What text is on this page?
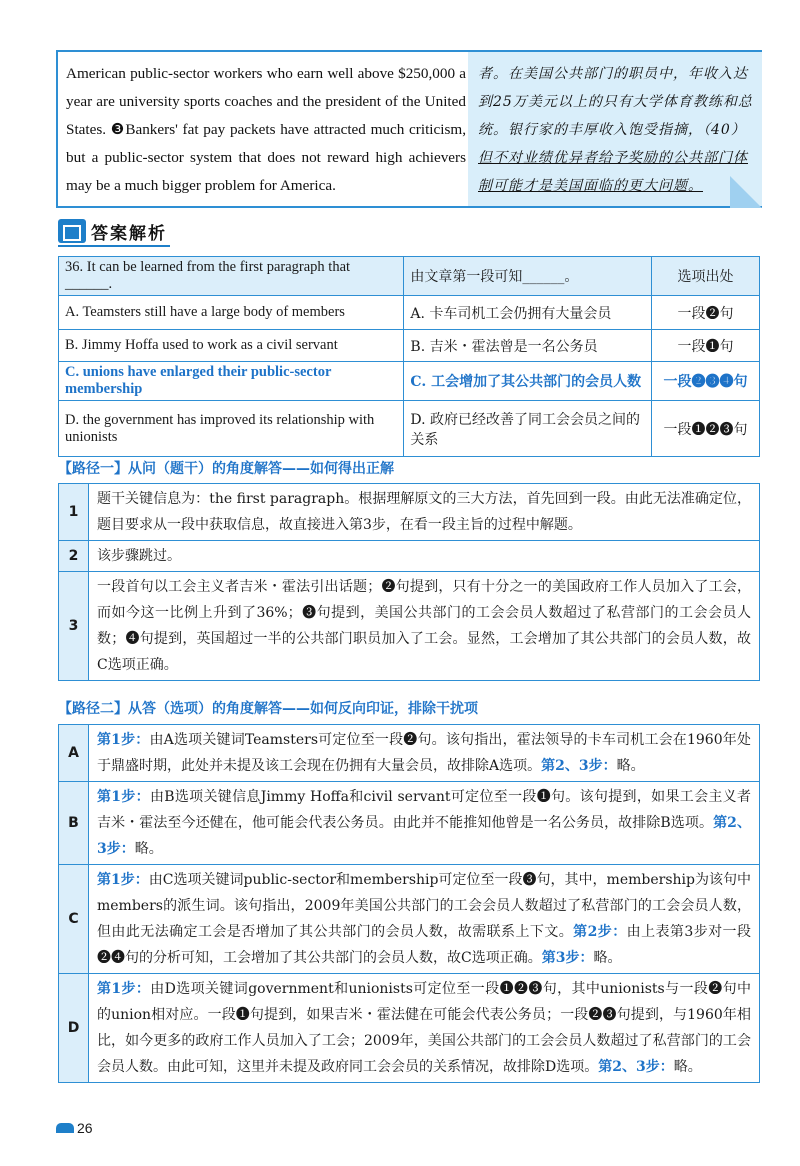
American public-sector workers who earn well above $250,000 a year are university sports coaches and the president of the United States. ❸Bankers' fat pay packets have attracted much criticism, but a public-sector system that does not reward high achievers may be a much bigger problem for America.
者。在美国公共部门的职员中，年收入达到25万美元以上的只有大学体育教练和总统。银行家的丰厚收入饱受指摘，（40）但不对业绩优异者给予奖励的公共部门体制可能才是美国面临的更大问题。
答案解析
36. It can be learned from the first paragraph that ______.	由文章第一段可知______。	选项出处
A. Teamsters still have a large body of members	A. 卡车司机工会仍拥有大量会员	一段❷句
B. Jimmy Hoffa used to work as a civil servant	B. 吉米・霍法曾是一名公务员	一段❶句
C. unions have enlarged their public-sector membership	C. 工会增加了其公共部门的会员人数	一段❷❸❹句
D. the government has improved its relationship with unionists	D. 政府已经改善了同工会会员之间的关系	一段❶❷❸句
【路径一】从问（题干）的角度解答——如何得出正解
1	题干关键信息为：the first paragraph。根据理解原文的三大方法，首先回到一段。由此无法准确定位，题目要求从一段中获取信息，故直接进入第3步，在看一段主旨的过程中解题。
2	该步骤跳过。
3	一段首句以工会主义者吉米・霍法引出话题；❷句提到，只有十分之一的美国政府工作人员加入了工会，而如今这一比例上升到了36%；❸句提到，美国公共部门的工会会员人数超过了私营部门的工会会员人数；❹句提到，英国超过一半的公共部门职员加入了工会。显然，工会增加了其公共部门的会员人数，故C选项正确。
【路径二】从答（选项）的角度解答——如何反向印证，排除干扰项
A	第1步：由A选项关键词Teamsters可定位至一段❷句。该句指出，霍法领导的卡车司机工会在1960年处于鼎盛时期，此处并未提及该工会现在仍拥有大量会员，故排除A选项。第2、3步：略。
B	第1步：由B选项关键信息Jimmy Hoffa和civil servant可定位至一段❶句。该句提到，如果工会主义者吉米・霍法至今还健在，他可能会代表公务员。由此并不能推知他曾是一名公务员，故排除B选项。第2、3步：略。
C	第1步：由C选项关键词public-sector和membership可定位至一段❸句，其中，membership为该句中members的派生词。该句指出，2009年美国公共部门的工会会员人数超过了私营部门的工会会员人数，但由此无法确定工会是否增加了其公共部门的会员人数，故需联系上下文。第2步：由上表第3步对一段❷❹句的分析可知，工会增加了其公共部门的会员人数，故C选项正确。第3步：略。
D	第1步：由D选项关键词government和unionists可定位至一段❶❷❸句，其中unionists与一段❷句中的union相对应。一段❶句提到，如果吉米・霍法健在可能会代表公务员；一段❷❸句提到，与1960年相比，如今更多的政府工作人员加入了工会；2009年，美国公共部门的工会会员人数超过了私营部门的工会会员人数。由此可知，这里并未提及政府同工会会员的关系情况，故排除D选项。第2、3步：略。
26
